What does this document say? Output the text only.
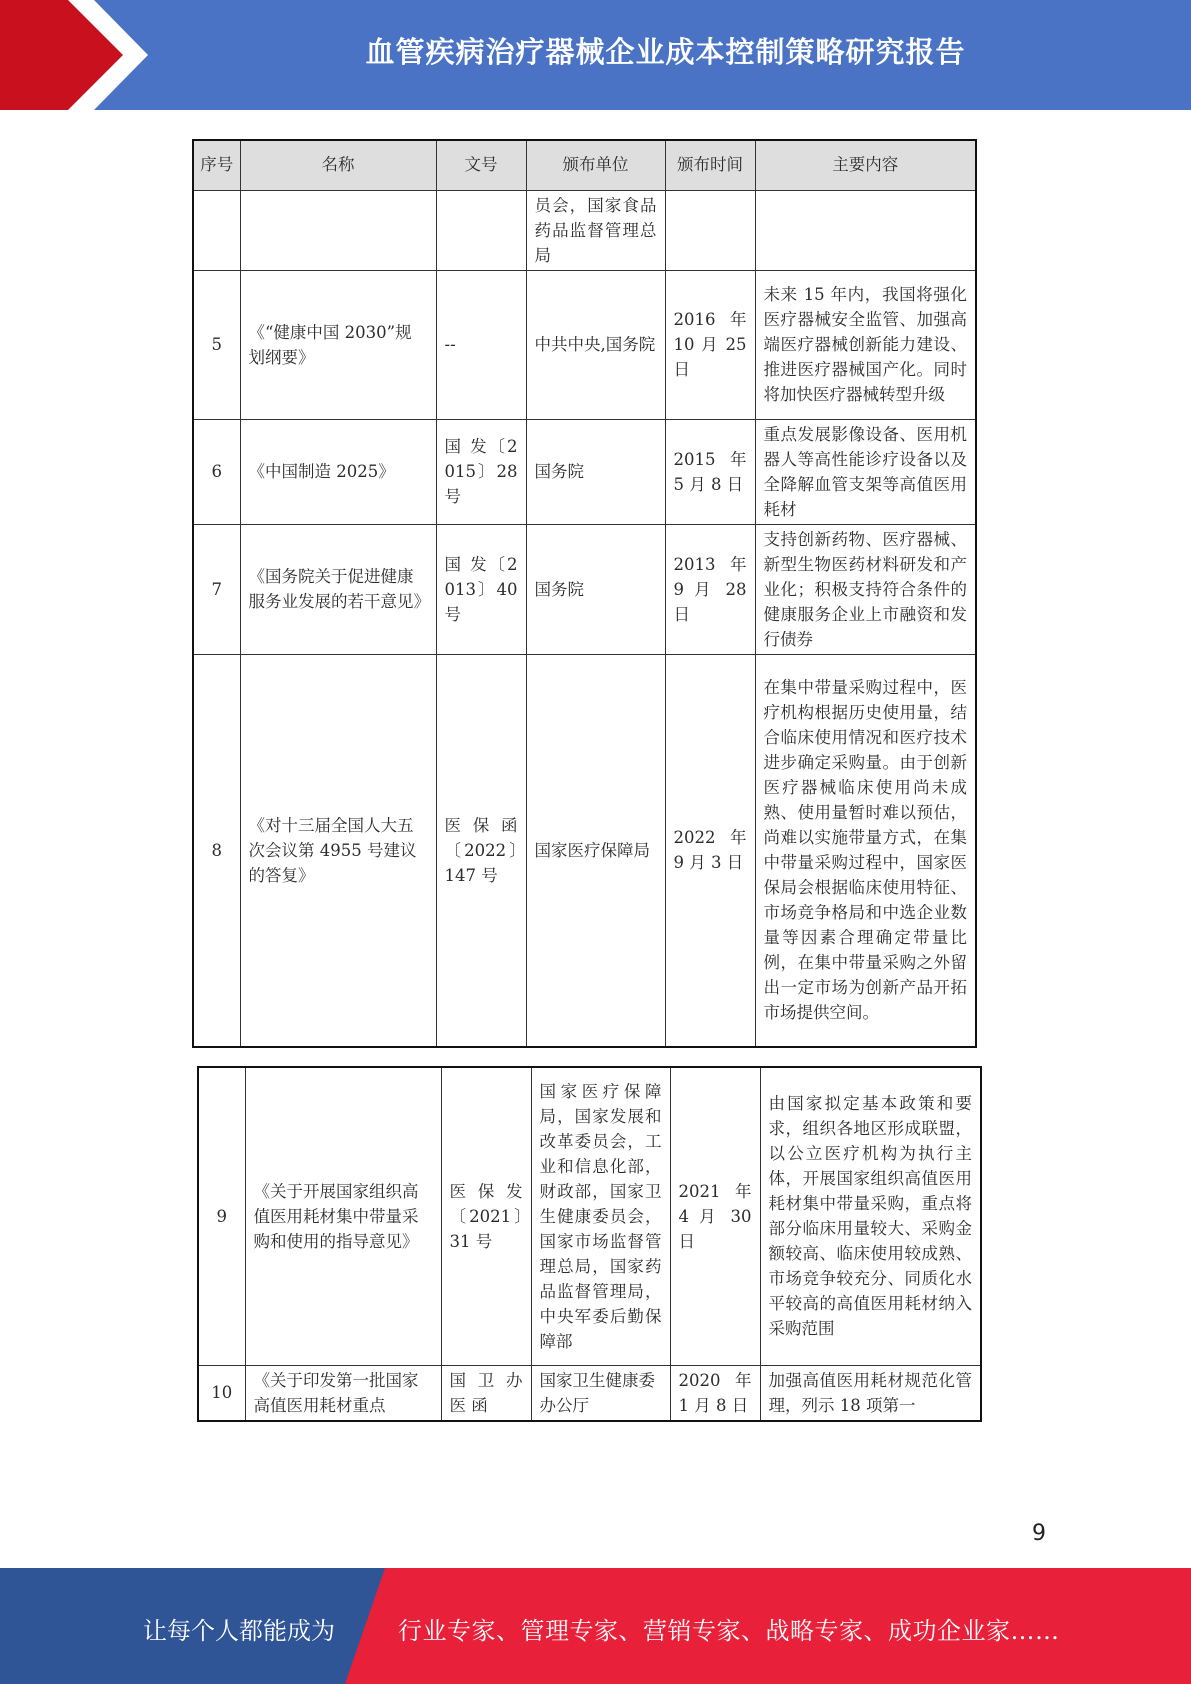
血管疾病治疗器械企业成本控制策略研究报告
序号	名称	文号	颁布单位	颁布时间	主要内容
			员会，国家食品药品监督管理总局		
5	《“健康中国 2030”规划纲要》	--	中共中央,国务院	2016 年 10 月 25 日	未来 15 年内，我国将强化医疗器械安全监管、加强高端医疗器械创新能力建设、推进医疗器械国产化。同时将加快医疗器械转型升级
6	《中国制造 2025》	国 发〔2015〕28 号	国务院	2015 年 5 月 8 日	重点发展影像设备、医用机器人等高性能诊疗设备以及全降解血管支架等高值医用耗材
7	《国务院关于促进健康服务业发展的若干意见》	国 发〔2013〕40 号	国务院	2013 年 9 月 28 日	支持创新药物、医疗器械、新型生物医药材料研发和产业化；积极支持符合条件的健康服务企业上市融资和发行债券
8	《对十三届全国人大五次会议第 4955 号建议的答复》	医 保 函〔2022〕147 号	国家医疗保障局	2022 年 9 月 3 日	在集中带量采购过程中，医疗机构根据历史使用量，结合临床使用情况和医疗技术进步确定采购量。由于创新医疗器械临床使用尚未成熟、使用量暂时难以预估，尚难以实施带量方式，在集中带量采购过程中，国家医保局会根据临床使用特征、市场竞争格局和中选企业数量等因素合理确定带量比例，在集中带量采购之外留出一定市场为创新产品开拓市场提供空间。
9	《关于开展国家组织高值医用耗材集中带量采购和使用的指导意见》	医 保 发〔2021〕31 号	国家医疗保障局，国家发展和改革委员会，工业和信息化部，财政部，国家卫生健康委员会，国家市场监督管理总局，国家药品监督管理局，中央军委后勤保障部	2021 年 4 月 30 日	由国家拟定基本政策和要求，组织各地区形成联盟，以公立医疗机构为执行主体，开展国家组织高值医用耗材集中带量采购，重点将部分临床用量较大、采购金额较高、临床使用较成熟、市场竞争较充分、同质化水平较高的高值医用耗材纳入采购范围
10	《关于印发第一批国家高值医用耗材重点	国 卫 办医 函	国家卫生健康委办公厅	2020 年 1 月 8 日	加强高值医用耗材规范化管理，列示 18 项第一
9
让每个人都能成为	行业专家、管理专家、营销专家、战略专家、成功企业家……
